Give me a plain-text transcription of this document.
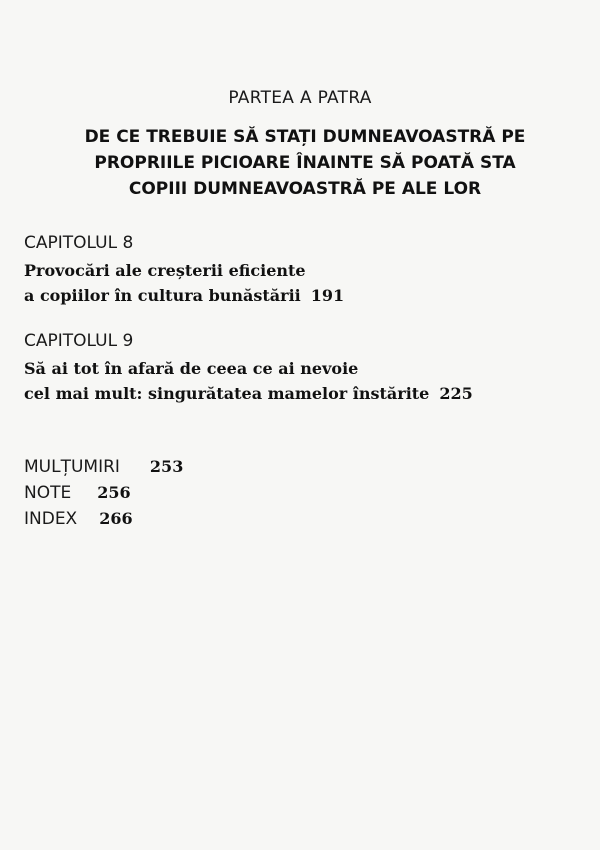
PARTEA A PATRA
DE CE TREBUIE SĂ STAȚI DUMNEAVOASTRĂ PE
PROPRIILE PICIOARE ÎNAINTE SĂ POATĂ STA
COPIII DUMNEAVOASTRĂ PE ALE LOR
CAPITOLUL 8
Provocări ale creșterii eficiente
a copiilor în cultura bunăstării 191
CAPITOLUL 9
Să ai tot în afară de ceea ce ai nevoie
cel mai mult: singurătatea mamelor înstărite 225
MULȚUMIRI 253
NOTE 256
INDEX 266
